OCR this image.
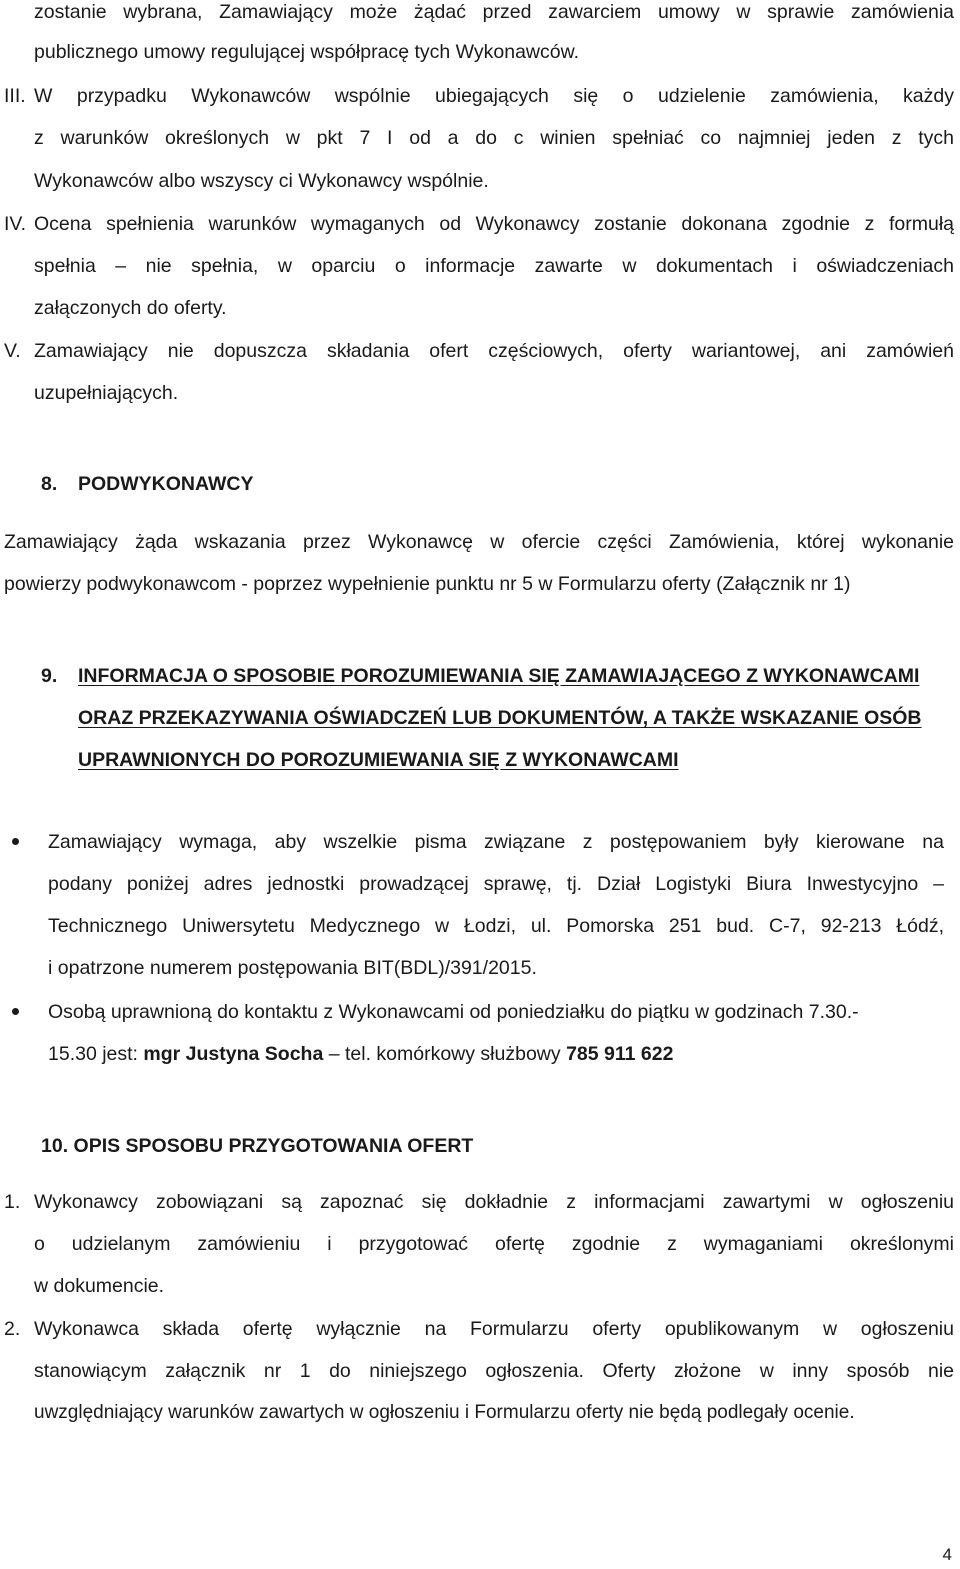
zostanie wybrana, Zamawiający może żądać przed zawarciem umowy w sprawie zamówienia
publicznego umowy regulującej współpracę tych Wykonawców.
III. W przypadku Wykonawców wspólnie ubiegających się o udzielenie zamówienia, każdy
z warunków określonych w pkt 7 I od a do c winien spełniać co najmniej jeden z tych
Wykonawców albo wszyscy ci Wykonawcy wspólnie.
IV. Ocena spełnienia warunków wymaganych od Wykonawcy zostanie dokonana zgodnie z formułą
spełnia – nie spełnia, w oparciu o informacje zawarte w dokumentach i oświadczeniach
załączonych do oferty.
V. Zamawiający nie dopuszcza składania ofert częściowych, oferty wariantowej, ani zamówień
uzupełniających.
8. PODWYKONAWCY
Zamawiający żąda wskazania przez Wykonawcę w ofercie części Zamówienia, której wykonanie
powierzy podwykonawcom - poprzez wypełnienie punktu nr 5 w Formularzu oferty (Załącznik nr 1)
9. INFORMACJA O SPOSOBIE POROZUMIEWANIA SIĘ ZAMAWIAJĄCEGO Z WYKONAWCAMI
ORAZ PRZEKAZYWANIA OŚWIADCZEŃ LUB DOKUMENTÓW, A TAKŻE WSKAZANIE OSÓB
UPRAWNIONYCH DO POROZUMIEWANIA SIĘ Z WYKONAWCAMI
Zamawiający wymaga, aby wszelkie pisma związane z postępowaniem były kierowane na
podany poniżej adres jednostki prowadzącej sprawę, tj. Dział Logistyki Biura Inwestycyjno –
Technicznego Uniwersytetu Medycznego w Łodzi, ul. Pomorska 251 bud. C-7, 92-213 Łódź,
i opatrzone numerem postępowania BIT(BDL)/391/2015.
Osobą uprawnioną do kontaktu z Wykonawcami od poniedziałku do piątku w godzinach 7.30.-
15.30 jest: mgr Justyna Socha – tel. komórkowy służbowy 785 911 622
10. OPIS SPOSOBU PRZYGOTOWANIA OFERT
1. Wykonawcy zobowiązani są zapoznać się dokładnie z informacjami zawartymi w ogłoszeniu
o udzielanym zamówieniu i przygotować ofertę zgodnie z wymaganiami określonymi
w dokumencie.
2. Wykonawca składa ofertę wyłącznie na Formularzu oferty opublikowanym w ogłoszeniu
stanowiącym załącznik nr 1 do niniejszego ogłoszenia. Oferty złożone w inny sposób nie
uwzględniający warunków zawartych w ogłoszeniu i Formularzu oferty nie będą podlegały ocenie.
4
